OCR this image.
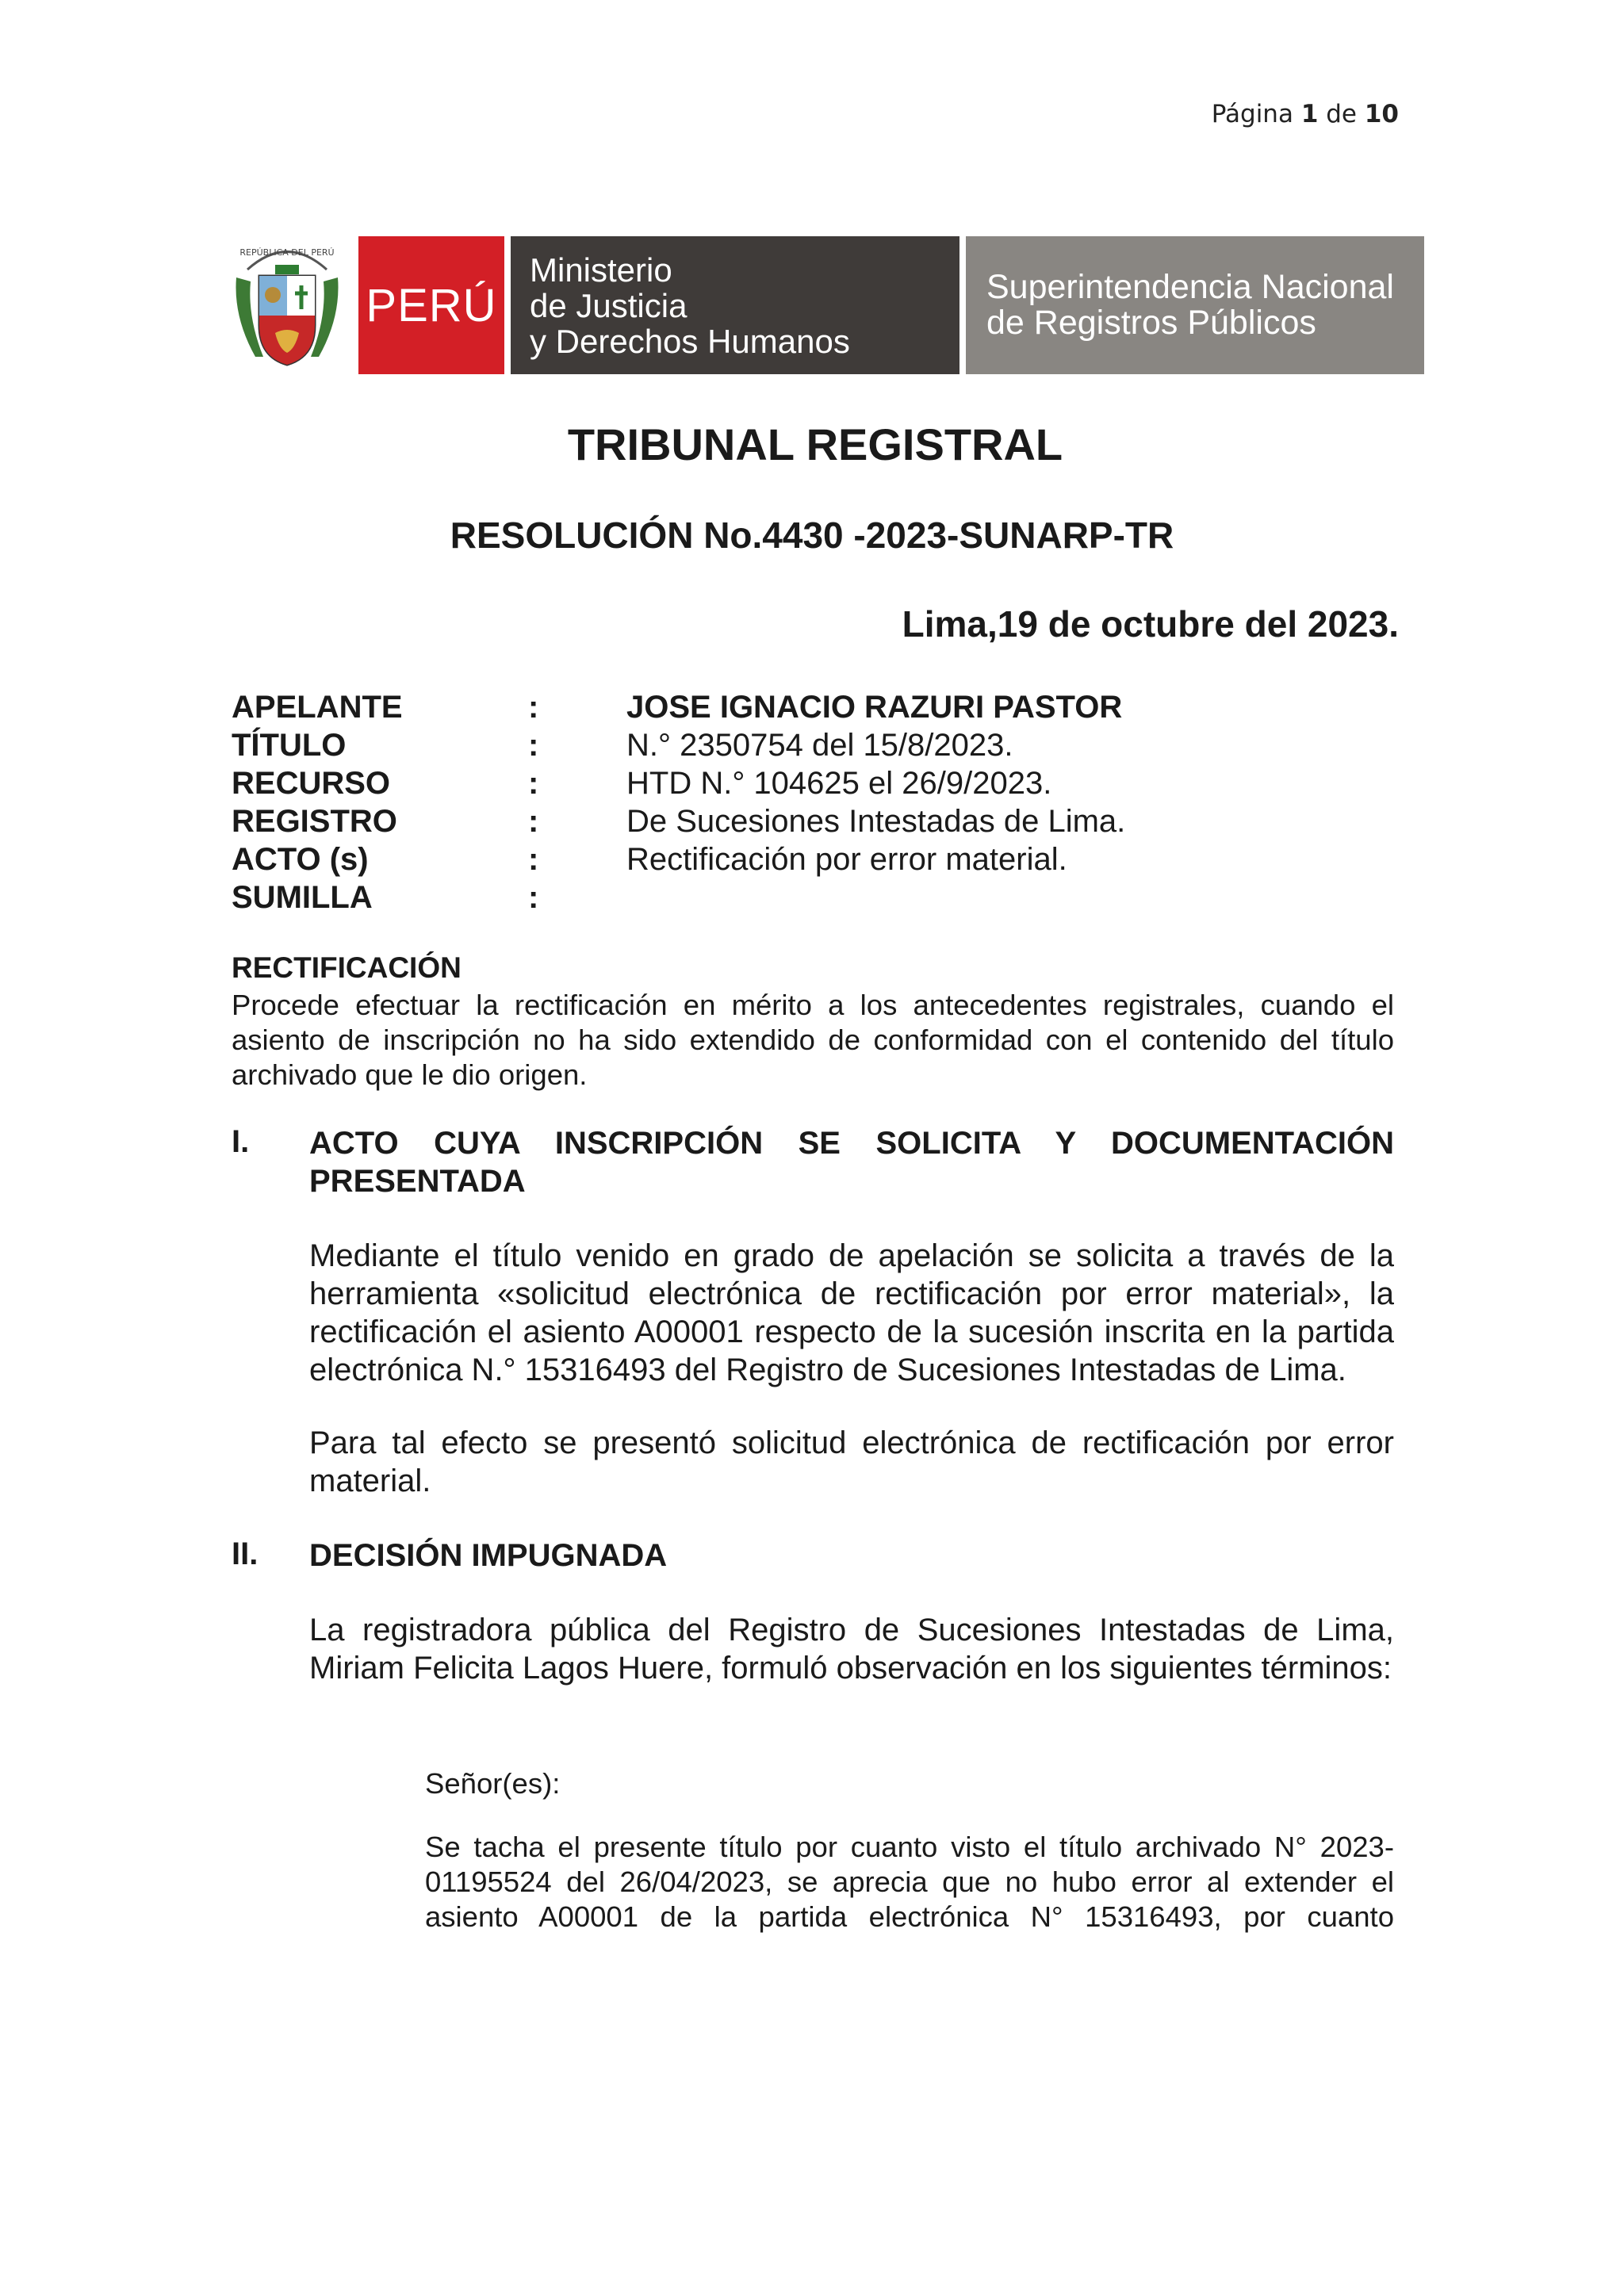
Página 1 de 10
REPÚBLICA DEL PERÚ
PERÚ
Ministerio
de Justicia
y Derechos Humanos
Superintendencia Nacional
de Registros Públicos
TRIBUNAL REGISTRAL
RESOLUCIÓN No.4430 -2023-SUNARP-TR
Lima,19 de octubre del 2023.
APELANTE	:	JOSE IGNACIO RAZURI PASTOR
TÍTULO	:	N.° 2350754 del 15/8/2023.
RECURSO	:	HTD N.° 104625 el 26/9/2023.
REGISTRO	:	De Sucesiones Intestadas de Lima.
ACTO (s)	:	Rectificación por error material.
SUMILLA	:
RECTIFICACIÓN
Procede efectuar la rectificación en mérito a los antecedentes registrales, cuando el asiento de inscripción no ha sido extendido de conformidad con el contenido del título archivado que le dio origen.
I. ACTO CUYA INSCRIPCIÓN SE SOLICITA Y DOCUMENTACIÓN PRESENTADA
Mediante el título venido en grado de apelación se solicita a través de la herramienta «solicitud electrónica de rectificación por error material», la rectificación el asiento A00001 respecto de la sucesión inscrita en la partida electrónica N.° 15316493 del Registro de Sucesiones Intestadas de Lima.
Para tal efecto se presentó solicitud electrónica de rectificación por error material.
II. DECISIÓN IMPUGNADA
La registradora pública del Registro de Sucesiones Intestadas de Lima, Miriam Felicita Lagos Huere, formuló observación en los siguientes términos:
Señor(es):
Se tacha el presente título por cuanto visto el título archivado N° 2023-01195524 del 26/04/2023, se aprecia que no hubo error al extender el asiento A00001 de la partida electrónica N° 15316493, por cuanto
